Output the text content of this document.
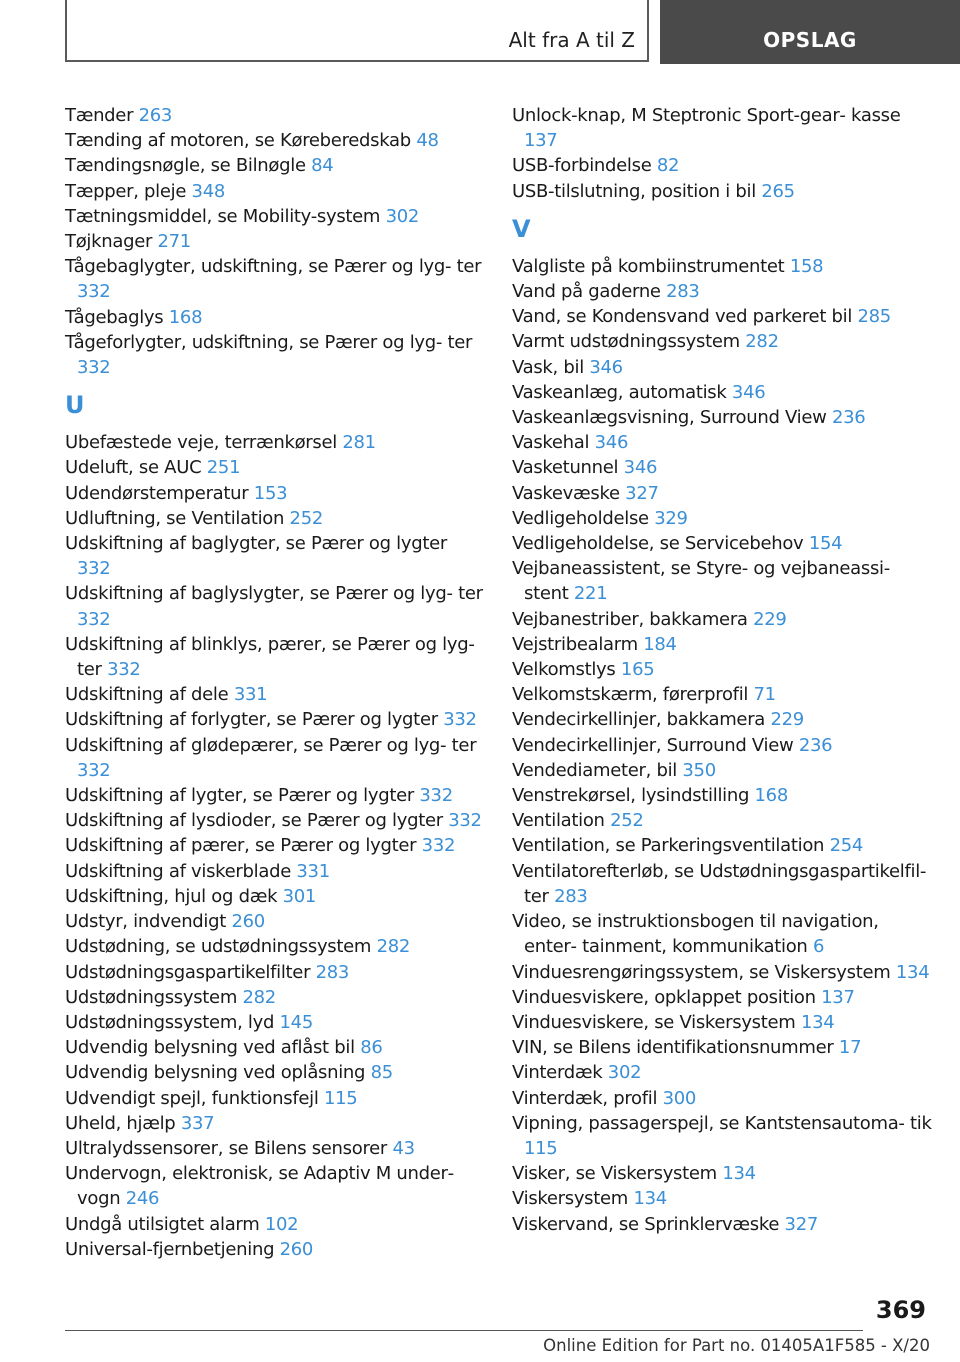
Alt fra A til Z	OPSLAG
Tænder 263
Tænding af motoren, se Køreberedskab 48
Tændingsnøgle, se Bilnøgle 84
Tæpper, pleje 348
Tætningsmiddel, se Mobility-system 302
Tøjknager 271
Tågebaglygter, udskiftning, se Pærer og lyg‐ ter 332
Tågebaglys 168
Tågeforlygter, udskiftning, se Pærer og lyg‐ ter 332
U
Ubefæstede veje, terrænkørsel 281
Udeluft, se AUC 251
Udendørstemperatur 153
Udluftning, se Ventilation 252
Udskiftning af baglygter, se Pærer og lygter 332
Udskiftning af baglyslygter, se Pærer og lyg‐ ter 332
Udskiftning af blinklys, pærer, se Pærer og lyg‐ ter 332
Udskiftning af dele 331
Udskiftning af forlygter, se Pærer og lygter 332
Udskiftning af glødepærer, se Pærer og lyg‐ ter 332
Udskiftning af lygter, se Pærer og lygter 332
Udskiftning af lysdioder, se Pærer og lygter 332
Udskiftning af pærer, se Pærer og lygter 332
Udskiftning af viskerblade 331
Udskiftning, hjul og dæk 301
Udstyr, indvendigt 260
Udstødning, se udstødningssystem 282
Udstødningsgaspartikelfilter 283
Udstødningssystem 282
Udstødningssystem, lyd 145
Udvendig belysning ved aflåst bil 86
Udvendig belysning ved oplåsning 85
Udvendigt spejl, funktionsfejl 115
Uheld, hjælp 337
Ultralydssensorer, se Bilens sensorer 43
Undervogn, elektronisk, se Adaptiv M under‐ vogn 246
Undgå utilsigtet alarm 102
Universal-fjernbetjening 260
Unlock-knap, M Steptronic Sport-gear‐ kasse 137
USB-forbindelse 82
USB-tilslutning, position i bil 265
V
Valgliste på kombiinstrumentet 158
Vand på gaderne 283
Vand, se Kondensvand ved parkeret bil 285
Varmt udstødningssystem 282
Vask, bil 346
Vaskeanlæg, automatisk 346
Vaskeanlægsvisning, Surround View 236
Vaskehal 346
Vasketunnel 346
Vaskevæske 327
Vedligeholdelse 329
Vedligeholdelse, se Servicebehov 154
Vejbaneassistent, se Styre- og vejbaneassi‐ stent 221
Vejbanestriber, bakkamera 229
Vejstribealarm 184
Velkomstlys 165
Velkomstskærm, førerprofil 71
Vendecirkellinjer, bakkamera 229
Vendecirkellinjer, Surround View 236
Vendediameter, bil 350
Venstrekørsel, lysindstilling 168
Ventilation 252
Ventilation, se Parkeringsventilation 254
Ventilatorefterløb, se Udstødningsgaspartikelfil‐ ter 283
Video, se instruktionsbogen til navigation, enter‐ tainment, kommunikation 6
Vinduesrengøringssystem, se Viskersystem 134
Vinduesviskere, opklappet position 137
Vinduesviskere, se Viskersystem 134
VIN, se Bilens identifikationsnummer 17
Vinterdæk 302
Vinterdæk, profil 300
Vipning, passagerspejl, se Kantstensautoma‐ tik 115
Visker, se Viskersystem 134
Viskersystem 134
Viskervand, se Sprinklervæske 327
369
Online Edition for Part no. 01405A1F585 - X/20
